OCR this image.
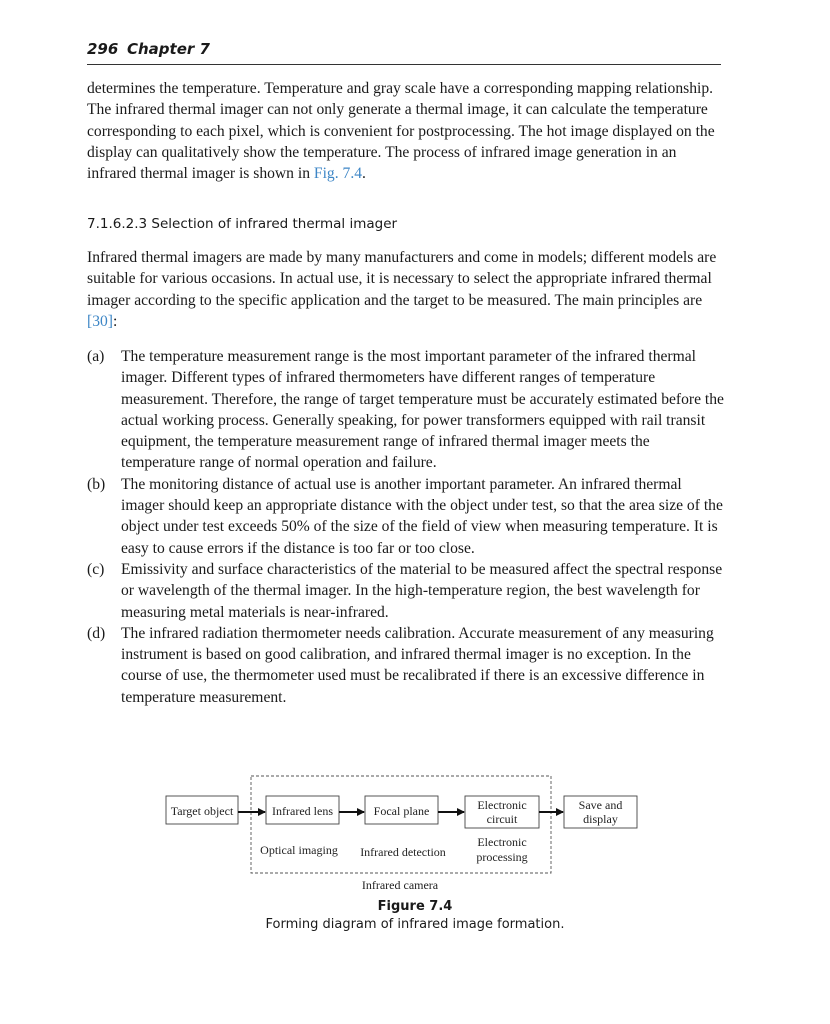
296 Chapter 7

determines the temperature. Temperature and gray scale have a corresponding mapping relationship. The infrared thermal imager can not only generate a thermal image, it can calculate the temperature corresponding to each pixel, which is convenient for postprocessing. The hot image displayed on the display can qualitatively show the temperature. The process of infrared image generation in an infrared thermal imager is shown in Fig. 7.4.

7.1.6.2.3 Selection of infrared thermal imager

Infrared thermal imagers are made by many manufacturers and come in models; different models are suitable for various occasions. In actual use, it is necessary to select the appropriate infrared thermal imager according to the specific application and the target to be measured. The main principles are [30]:

(a) The temperature measurement range is the most important parameter of the infrared thermal imager. Different types of infrared thermometers have different ranges of temperature measurement. Therefore, the range of target temperature must be accurately estimated before the actual working process. Generally speaking, for power transformers equipped with rail transit equipment, the temperature measurement range of infrared thermal imager meets the temperature range of normal operation and failure.
(b) The monitoring distance of actual use is another important parameter. An infrared thermal imager should keep an appropriate distance with the object under test, so that the area size of the object under test exceeds 50% of the size of the field of view when measuring temperature. It is easy to cause errors if the distance is too far or too close.
(c) Emissivity and surface characteristics of the material to be measured affect the spectral response or wavelength of the thermal imager. In the high-temperature region, the best wavelength for measuring metal materials is near-infrared.
(d) The infrared radiation thermometer needs calibration. Accurate measurement of any measuring instrument is based on good calibration, and infrared thermal imager is no exception. In the course of use, the thermometer used must be recalibrated if there is an excessive difference in temperature measurement.
Target object	Infrared lens	Focal plane	Electronic
circuit
Save and
display
Optical imaging Infrared detection
Electronic
processing
Infrared camera

Figure 7.4

Forming diagram of infrared image formation.
